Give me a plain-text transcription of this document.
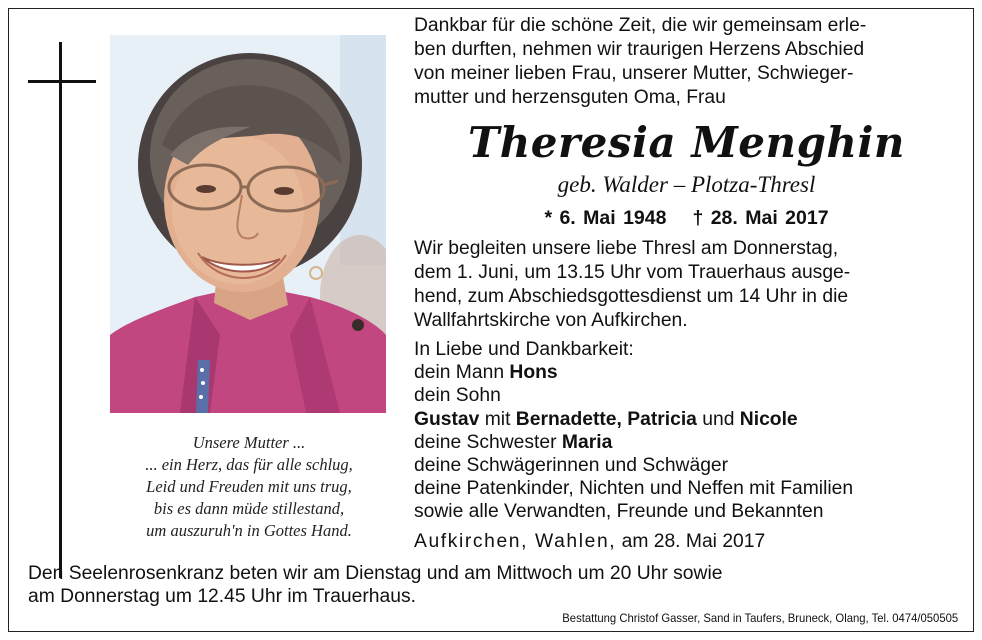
Unsere Mutter ...
... ein Herz, das für alle schlug,
Leid und Freuden mit uns trug,
bis es dann müde stillestand,
um auszuruh'n in Gottes Hand.
Dankbar für die schöne Zeit, die wir gemeinsam erle-
ben durften, nehmen wir traurigen Herzens Abschied
von meiner lieben Frau, unserer Mutter, Schwieger-
mutter und herzensguten Oma, Frau
Theresia Menghin
geb. Walder – Plotza-Thresl
* 6. Mai 1948 † 28. Mai 2017
Wir begleiten unsere liebe Thresl am Donnerstag,
dem 1. Juni, um 13.15 Uhr vom Trauerhaus ausge-
hend, zum Abschiedsgottesdienst um 14 Uhr in die
Wallfahrtskirche von Aufkirchen.
In Liebe und Dankbarkeit:
dein Mann Hons
dein Sohn
Gustav mit Bernadette, Patricia und Nicole
deine Schwester Maria
deine Schwägerinnen und Schwäger
deine Patenkinder, Nichten und Neffen mit Familien
sowie alle Verwandten, Freunde und Bekannten
Aufkirchen, Wahlen, am 28. Mai 2017
Den Seelenrosenkranz beten wir am Dienstag und am Mittwoch um 20 Uhr sowie
am Donnerstag um 12.45 Uhr im Trauerhaus.
Bestattung Christof Gasser, Sand in Taufers, Bruneck, Olang, Tel. 0474/050505
